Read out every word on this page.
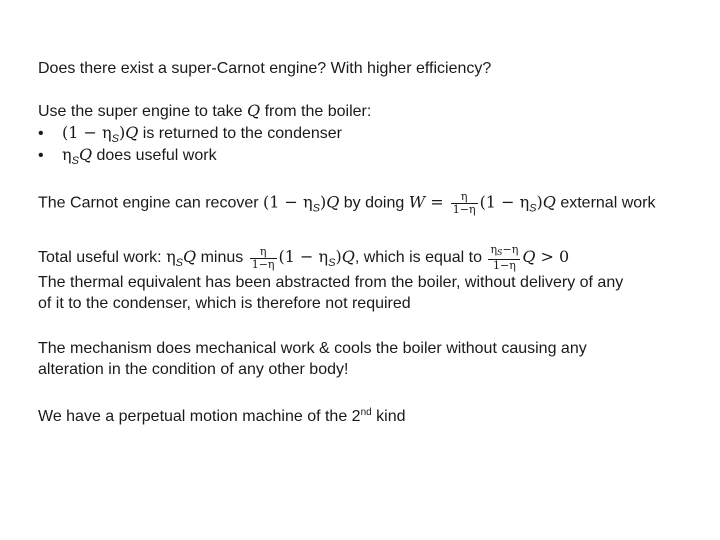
Does there exist a super-Carnot engine? With higher efficiency?
Use the super engine to take Q from the boiler:
• $(1 - \eta_S)Q$ is returned to the condenser
• $\eta_SQ$ does useful work
The Carnot engine can recover $(1 - \eta_S)Q$ by doing $W = \frac{\eta}{1-\eta} (1 - \eta_S)Q$ external work
Total useful work: $\eta_SQ$ minus $\frac{\eta}{1-\eta} (1 - \eta_S)Q$, which is equal to $\frac{\eta_S-\eta}{1-\eta}$ Q > 0
The thermal equivalent has been abstracted from the boiler, without delivery of any
of it to the condenser, which is therefore not required
The mechanism does mechanical work & cools the boiler without causing any
alteration in the condition of any other body!
We have a perpetual motion machine of the 2nd kind
